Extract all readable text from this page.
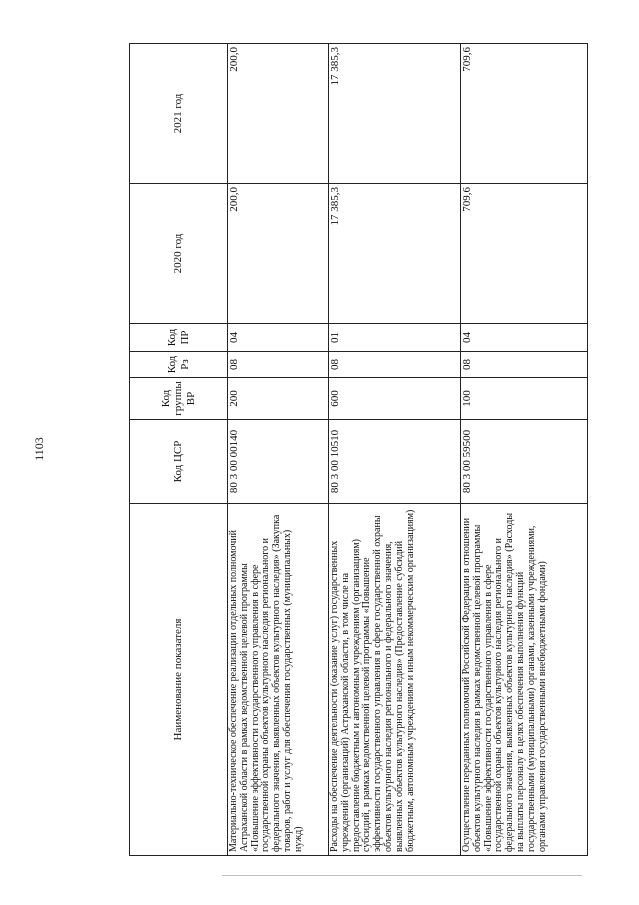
1103
Наименование показателя	Код ЦСР	Код группы ВР	Код Рз	Код ПР	2020 год	2021 год
Материально-техническое обеспечение реализации отдельных полномочий Астраханской области в рамках ведомственной целевой программы «Повышение эффективности государственного управления в сфере государственной охраны объектов культурного наследия регионального и федерального значения, выявленных объектов культурного наследия» (Закупка товаров, работ и услуг для обеспечения государственных (муниципальных) нужд)	80 3 00 00140	200	08	04	200,0	200,0
Расходы на обеспечение деятельности (оказание услуг) государственных учреждений (организаций) Астраханской области, в том числе на предоставление бюджетным и автономным учреждениям (организациям) субсидий, в рамках ведомственной целевой программы «Повышение эффективности государственного управления в сфере государственной охраны объектов культурного наследия регионального и федерального значения, выявленных объектов культурного наследия» (Предоставление субсидий бюджетным, автономным учреждениям и иным некоммерческим организациям)	80 3 00 10510	600	08	01	17 385,3	17 385,3
Осуществление переданных полномочий Российской Федерации в отношении объектов культурного наследия в рамках ведомственной целевой программы «Повышение эффективности государственного управления в сфере государственной охраны объектов культурного наследия регионального и федерального значения, выявленных объектов культурного наследия» (Расходы на выплаты персоналу в целях обеспечения выполнения функций государственными (муниципальными) органами, казенными учреждениями, органами управления государственными внебюджетными фондами)	80 3 00 59500	100	08	04	709,6	709,6
